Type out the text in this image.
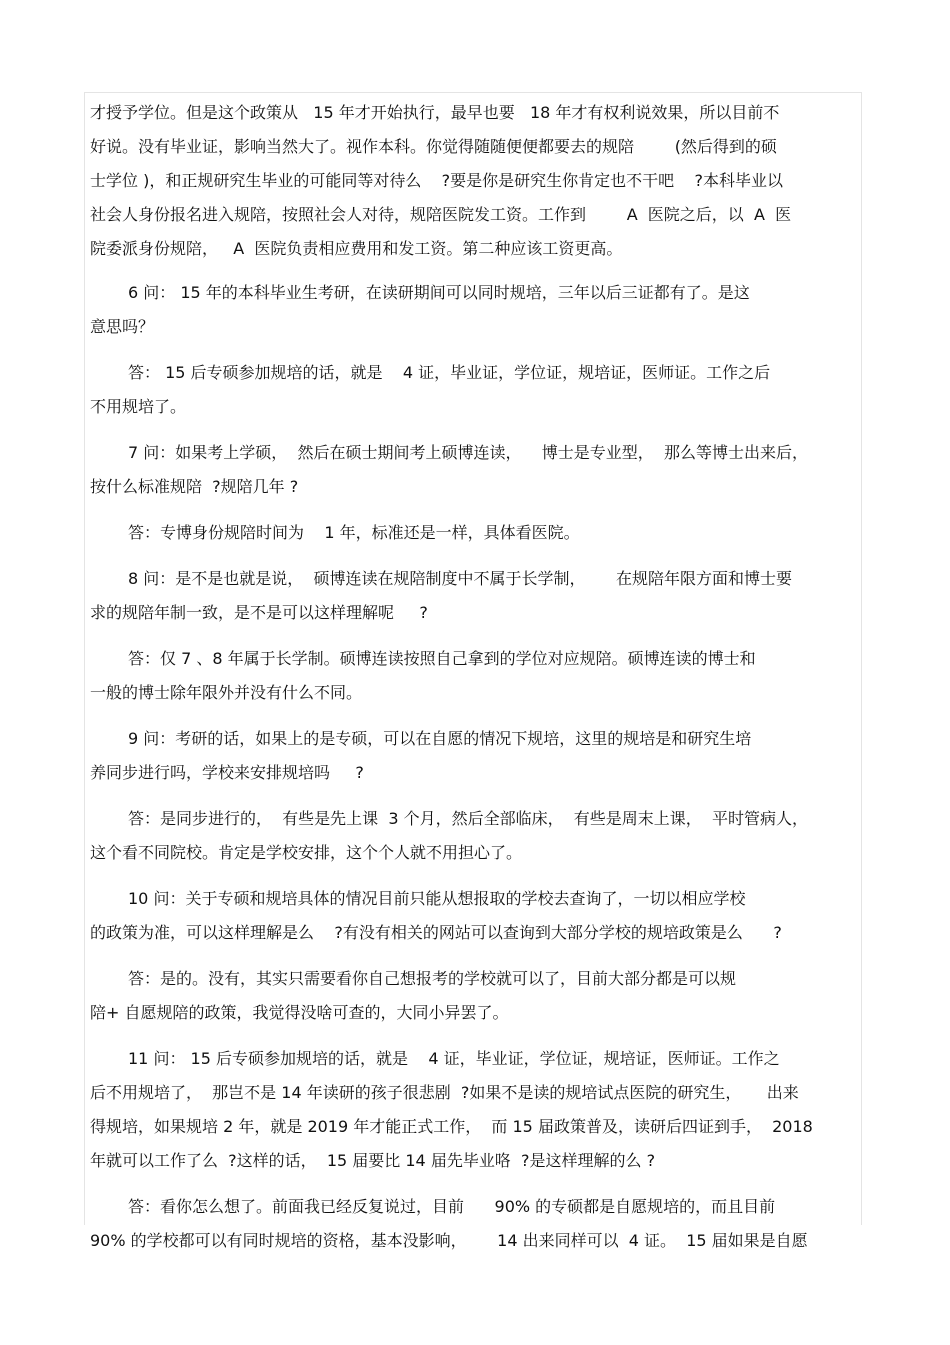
才授予学位。但是这个政策从   15 年才开始执行，最早也要   18 年才有权利说效果，所以目前不
好说。没有毕业证，影响当然大了。视作本科。你觉得随随便便都要去的规陪        (然后得到的硕
士学位 )，和正规研究生毕业的可能同等对待么    ?要是你是研究生你肯定也不干吧    ?本科毕业以
社会人身份报名进入规陪，按照社会人对待，规陪医院发工资。工作到        A  医院之后，以  A  医
院委派身份规陪，   A  医院负责相应费用和发工资。第二种应该工资更高。
6 问： 15 年的本科毕业生考研，在读研期间可以同时规培，三年以后三证都有了。是这
意思吗？
答： 15 后专硕参加规培的话，就是    4 证，毕业证，学位证，规培证，医师证。工作之后
不用规培了。
7 问：如果考上学硕，  然后在硕士期间考上硕博连读，    博士是专业型，  那么等博士出来后，
按什么标准规陪  ?规陪几年 ?
答：专博身份规陪时间为    1 年，标准还是一样，具体看医院。
8 问：是不是也就是说，  硕博连读在规陪制度中不属于长学制，      在规陪年限方面和博士要
求的规陪年制一致，是不是可以这样理解呢     ?
答：仅 7 、8 年属于长学制。硕博连读按照自己拿到的学位对应规陪。硕博连读的博士和
一般的博士除年限外并没有什么不同。
9 问：考研的话，如果上的是专硕，可以在自愿的情况下规培，这里的规培是和研究生培
养同步进行吗，学校来安排规培吗     ?
答：是同步进行的，  有些是先上课  3 个月，然后全部临床，  有些是周末上课，  平时管病人，
这个看不同院校。肯定是学校安排，这个个人就不用担心了。
10 问：关于专硕和规培具体的情况目前只能从想报取的学校去查询了，一切以相应学校
的政策为准，可以这样理解是么    ?有没有相关的网站可以查询到大部分学校的规培政策是么      ?
答：是的。没有，其实只需要看你自己想报考的学校就可以了，目前大部分都是可以规
陪+ 自愿规陪的政策，我觉得没啥可查的，大同小异罢了。
11 问： 15 后专硕参加规培的话，就是    4 证，毕业证，学位证，规培证，医师证。工作之
后不用规培了，  那岂不是 14 年读研的孩子很悲剧  ?如果不是读的规培试点医院的研究生，     出来
得规培，如果规培 2 年，就是 2019 年才能正式工作，  而 15 届政策普及，读研后四证到手，  2018
年就可以工作了么  ?这样的话，  15 届要比 14 届先毕业咯  ?是这样理解的么 ?
答：看你怎么想了。前面我已经反复说过，目前      90% 的专硕都是自愿规培的，而且目前
90% 的学校都可以有同时规培的资格，基本没影响，      14 出来同样可以  4 证。  15 届如果是自愿
